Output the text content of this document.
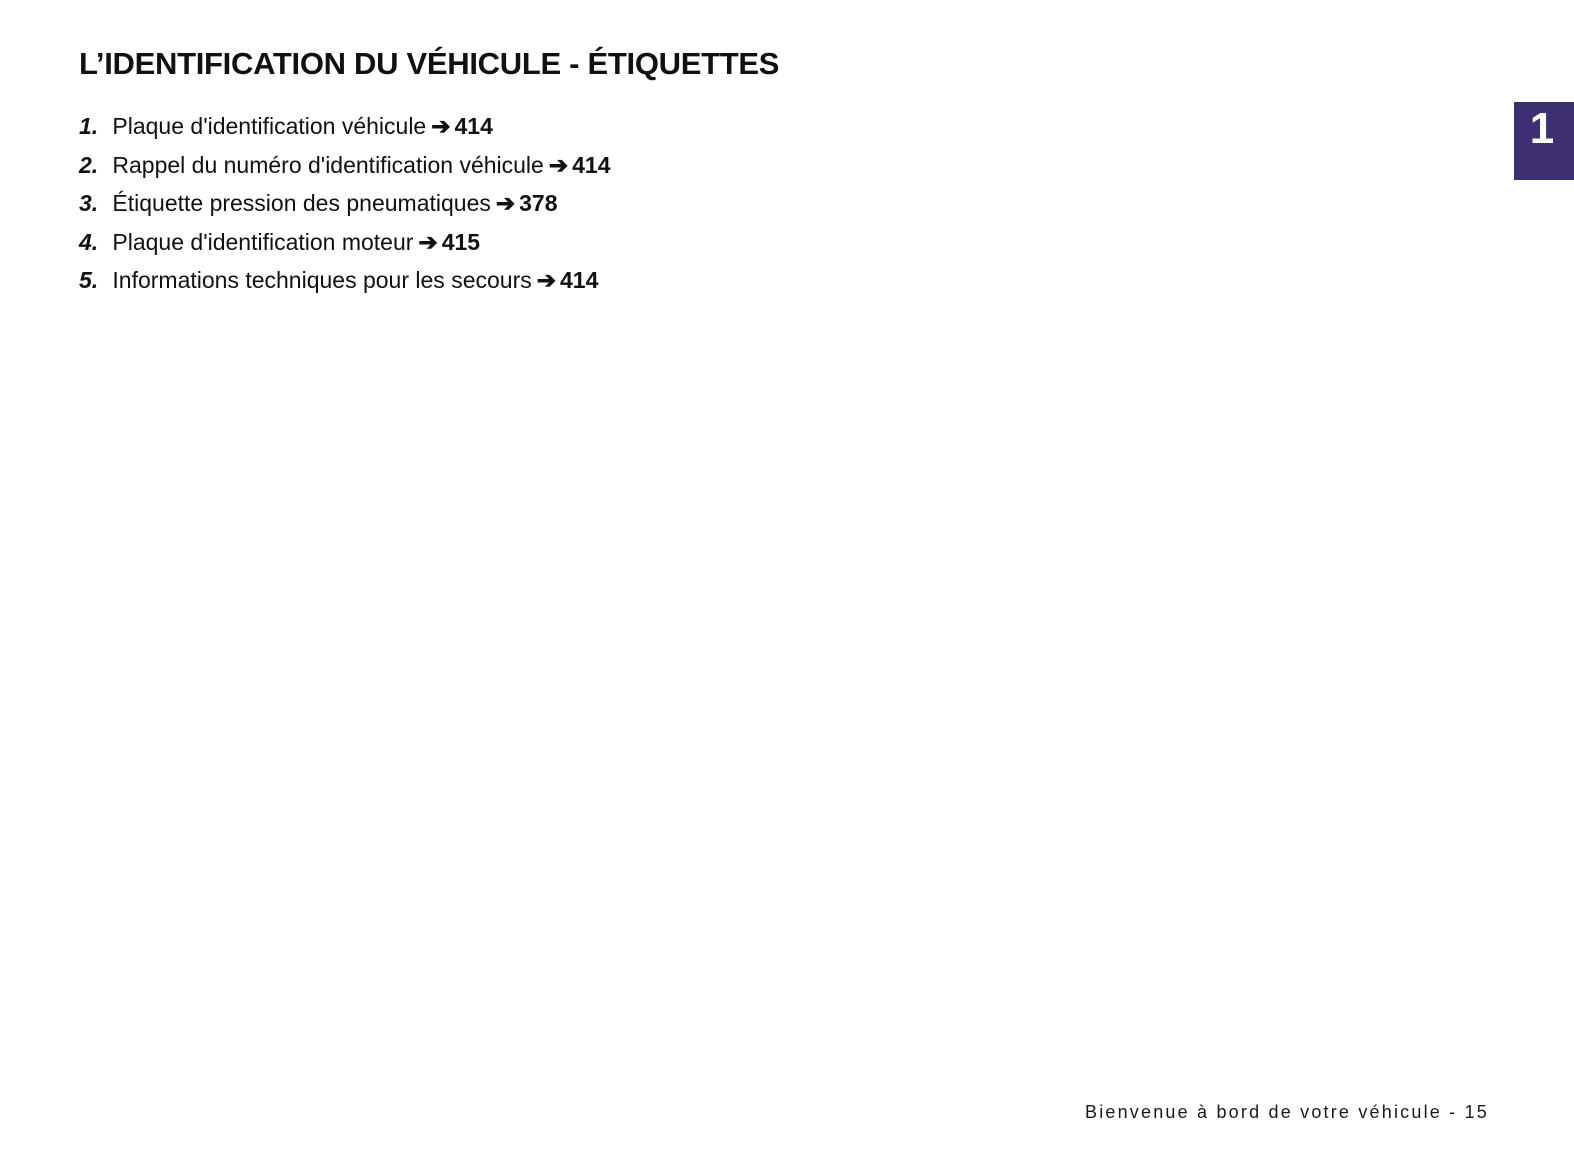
L’IDENTIFICATION DU VÉHICULE - ÉTIQUETTES
1. Plaque d'identification véhicule ➔ 414
2. Rappel du numéro d'identification véhicule ➔ 414
3. Étiquette pression des pneumatiques ➔ 378
4. Plaque d'identification moteur ➔ 415
5. Informations techniques pour les secours ➔ 414
1
Bienvenue à bord de votre véhicule - 15
